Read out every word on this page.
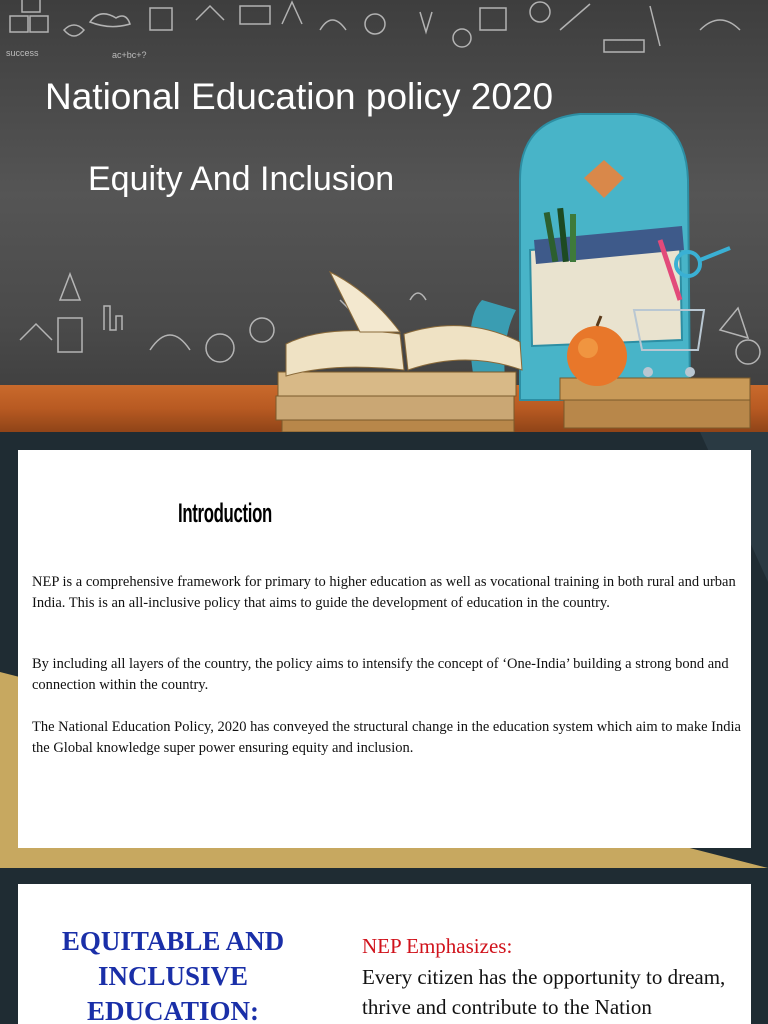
success	ac+bc+?
National Education policy 2020
Equity And Inclusion
Introduction

NEP is a comprehensive framework for primary to higher education as well as vocational training in both rural and urban India. This is an all-inclusive policy that aims to guide the development of education in the country.

By including all layers of the country, the policy aims to intensify the concept of ‘One-India’ building a strong bond and connection within the country.

The National Education Policy, 2020 has conveyed the structural change in the education system which aim to make India the Global knowledge super power ensuring equity and inclusion.

EQUITABLE AND INCLUSIVE EDUCATION:

NEP Emphasizes:

Every citizen has the opportunity to dream,
thrive and contribute to the Nation
